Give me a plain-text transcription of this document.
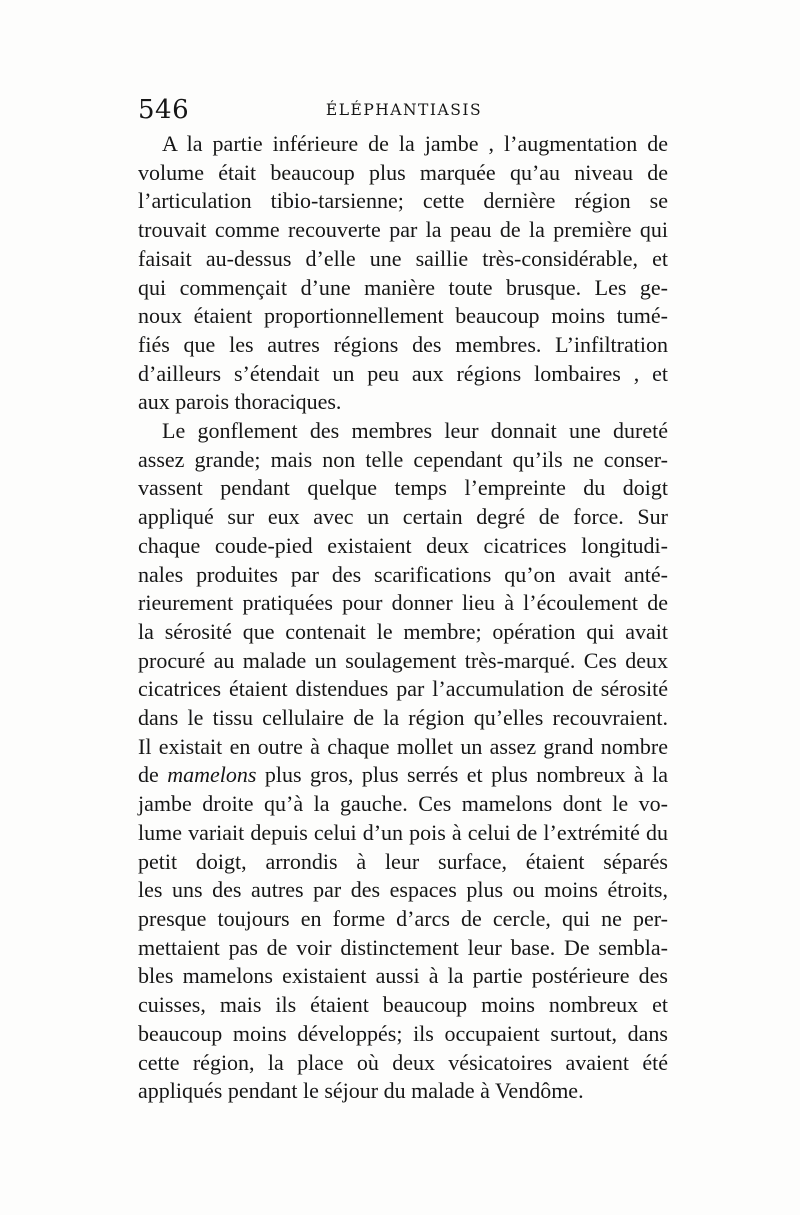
546	ÉLÉPHANTIASIS
A la partie inférieure de la jambe , l’augmentation de
volume était beaucoup plus marquée qu’au niveau de
l’articulation tibio-tarsienne; cette dernière région se
trouvait comme recouverte par la peau de la première qui
faisait au-dessus d’elle une saillie très-considérable, et
qui commençait d’une manière toute brusque. Les ge-
noux étaient proportionnellement beaucoup moins tumé-
fiés que les autres régions des membres. L’infiltration
d’ailleurs s’étendait un peu aux régions lombaires , et
aux parois thoraciques.
Le gonflement des membres leur donnait une dureté
assez grande; mais non telle cependant qu’ils ne conser-
vassent pendant quelque temps l’empreinte du doigt
appliqué sur eux avec un certain degré de force. Sur
chaque coude-pied existaient deux cicatrices longitudi-
nales produites par des scarifications qu’on avait anté-
rieurement pratiquées pour donner lieu à l’écoulement de
la sérosité que contenait le membre; opération qui avait
procuré au malade un soulagement très-marqué. Ces deux
cicatrices étaient distendues par l’accumulation de sérosité
dans le tissu cellulaire de la région qu’elles recouvraient.
Il existait en outre à chaque mollet un assez grand nombre
de mamelons plus gros, plus serrés et plus nombreux à la
jambe droite qu’à la gauche. Ces mamelons dont le vo-
lume variait depuis celui d’un pois à celui de l’extrémité du
petit doigt, arrondis à leur surface, étaient séparés
les uns des autres par des espaces plus ou moins étroits,
presque toujours en forme d’arcs de cercle, qui ne per-
mettaient pas de voir distinctement leur base. De sembla-
bles mamelons existaient aussi à la partie postérieure des
cuisses, mais ils étaient beaucoup moins nombreux et
beaucoup moins développés; ils occupaient surtout, dans
cette région, la place où deux vésicatoires avaient été
appliqués pendant le séjour du malade à Vendôme.
